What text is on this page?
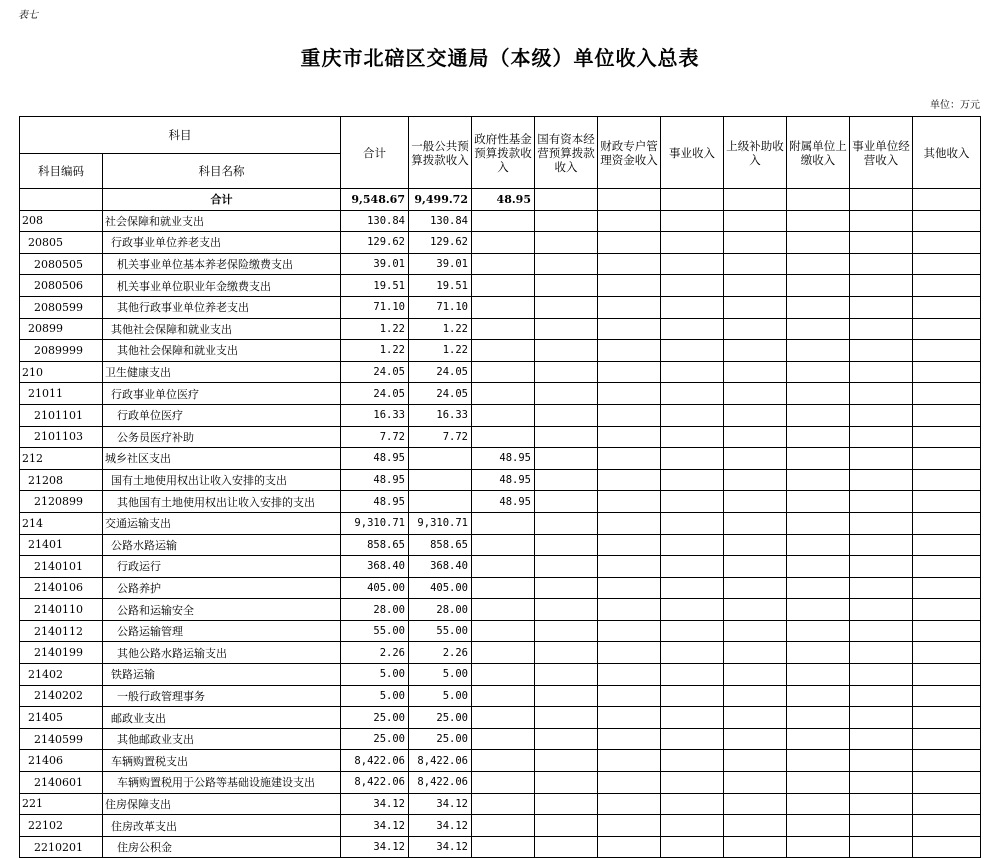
表七
重庆市北碚区交通局（本级）单位收入总表
单位：万元
科目		合计	一般公共预算拨款收入	政府性基金预算拨款收入	国有资本经营预算拨款收入	财政专户管理资金收入	事业收入	上级补助收入	附属单位上缴收入	事业单位经营收入	其他收入
科目编码	科目名称										
	合计	9,548.67	9,499.72	48.95							
208	社会保障和就业支出	130.84	130.84								
20805	行政事业单位养老支出	129.62	129.62								
2080505	机关事业单位基本养老保险缴费支出	39.01	39.01								
2080506	机关事业单位职业年金缴费支出	19.51	19.51								
2080599	其他行政事业单位养老支出	71.10	71.10								
20899	其他社会保障和就业支出	1.22	1.22								
2089999	其他社会保障和就业支出	1.22	1.22								
210	卫生健康支出	24.05	24.05								
21011	行政事业单位医疗	24.05	24.05								
2101101	行政单位医疗	16.33	16.33								
2101103	公务员医疗补助	7.72	7.72								
212	城乡社区支出	48.95		48.95							
21208	国有土地使用权出让收入安排的支出	48.95		48.95							
2120899	其他国有土地使用权出让收入安排的支出	48.95		48.95							
214	交通运输支出	9,310.71	9,310.71								
21401	公路水路运输	858.65	858.65								
2140101	行政运行	368.40	368.40								
2140106	公路养护	405.00	405.00								
2140110	公路和运输安全	28.00	28.00								
2140112	公路运输管理	55.00	55.00								
2140199	其他公路水路运输支出	2.26	2.26								
21402	铁路运输	5.00	5.00								
2140202	一般行政管理事务	5.00	5.00								
21405	邮政业支出	25.00	25.00								
2140599	其他邮政业支出	25.00	25.00								
21406	车辆购置税支出	8,422.06	8,422.06								
2140601	车辆购置税用于公路等基础设施建设支出	8,422.06	8,422.06								
221	住房保障支出	34.12	34.12								
22102	住房改革支出	34.12	34.12								
2210201	住房公积金	34.12	34.12								
